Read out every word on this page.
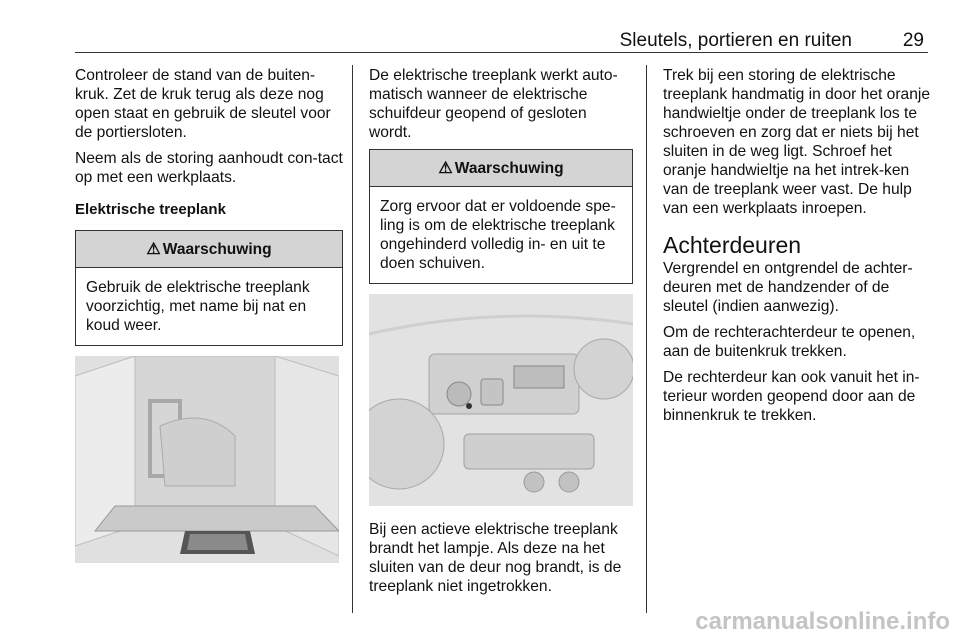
Sleutels, portieren en ruiten	29

Controleer de stand van de buiten-kruk. Zet de kruk terug als deze nog open staat en gebruik de sleutel voor de portiersloten.

Neem als de storing aanhoudt con-tact op met een werkplaats.

Elektrische treeplank
⚠ Waarschuwing
Gebruik de elektrische treeplank voorzichtig, met name bij nat en koud weer.

De elektrische treeplank werkt auto-matisch wanneer de elektrische schuifdeur geopend of gesloten wordt.

⚠ Waarschuwing
Zorg ervoor dat er voldoende spe-ling is om de elektrische treeplank ongehinderd volledig in- en uit te doen schuiven.

Bij een actieve elektrische treeplank brandt het lampje. Als deze na het sluiten van de deur nog brandt, is de treeplank niet ingetrokken.

Trek bij een storing de elektrische treeplank handmatig in door het oranje handwieltje onder de treeplank los te schroeven en zorg dat er niets bij het sluiten in de weg ligt. Schroef het oranje handwieltje na het intrek-ken van de treeplank weer vast. De hulp van een werkplaats inroepen.

Achterdeuren

Vergrendel en ontgrendel de achter-deuren met de handzender of de sleutel (indien aanwezig).

Om de rechterachterdeur te openen, aan de buitenkruk trekken.

De rechterdeur kan ook vanuit het in-terieur worden geopend door aan de binnenkruk te trekken.

carmanualsonline.info
